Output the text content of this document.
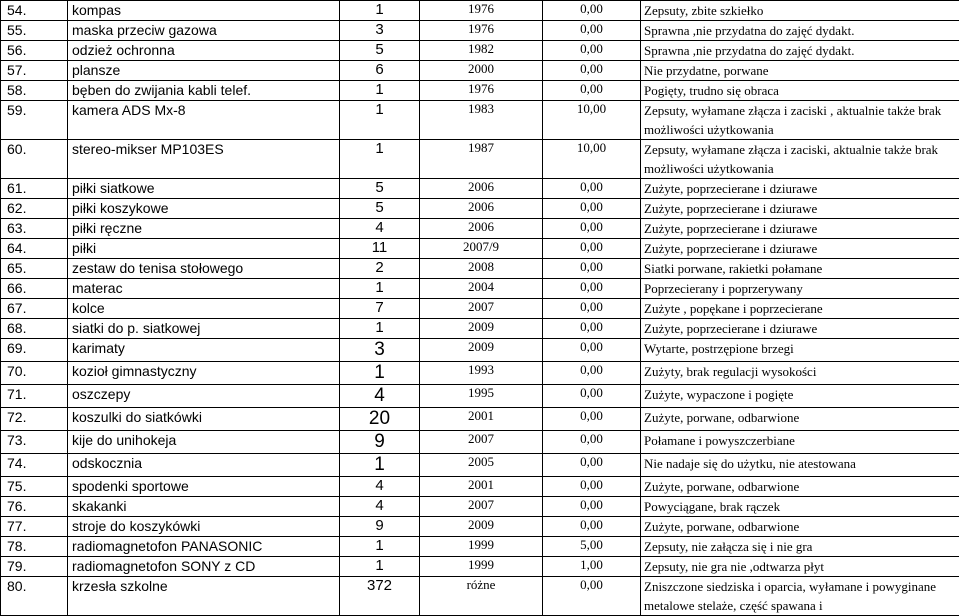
54.	kompas	1	1976	0,00	Zepsuty, zbite szkiełko
55.	maska przeciw gazowa	3	1976	0,00	Sprawna ,nie przydatna do zajęć dydakt.
56.	odzież ochronna	5	1982	0,00	Sprawna ,nie przydatna do zajęć dydakt.
57.	plansze	6	2000	0,00	Nie przydatne, porwane
58.	bęben do zwijania kabli telef.	1	1976	0,00	Pogięty, trudno się obraca
59.	kamera ADS Mx-8	1	1983	10,00	Zepsuty, wyłamane złącza i zaciski , aktualnie także brak możliwości użytkowania
60.	stereo-mikser MP103ES	1	1987	10,00	Zepsuty, wyłamane złącza i zaciski, aktualnie także brak możliwości użytkowania
61.	piłki siatkowe	5	2006	0,00	Zużyte, poprzecierane i dziurawe
62.	piłki koszykowe	5	2006	0,00	Zużyte, poprzecierane i dziurawe
63.	piłki ręczne	4	2006	0,00	Zużyte, poprzecierane i dziurawe
64.	piłki	11	2007/9	0,00	Zużyte, poprzecierane i dziurawe
65.	zestaw do tenisa stołowego	2	2008	0,00	Siatki porwane, rakietki połamane
66.	materac	1	2004	0,00	Poprzecierany i poprzerywany
67.	kolce	7	2007	0,00	Zużyte , popękane i poprzecierane
68.	siatki do p. siatkowej	1	2009	0,00	Zużyte, poprzecierane i dziurawe
69.	karimaty	3	2009	0,00	Wytarte, postrzępione brzegi
70.	kozioł gimnastyczny	1	1993	0,00	Zużyty, brak regulacji wysokości
71.	oszczepy	4	1995	0,00	Zużyte, wypaczone i pogięte
72.	koszulki do siatkówki	20	2001	0,00	Zużyte, porwane, odbarwione
73.	kije do unihokeja	9	2007	0,00	Połamane i powyszczerbiane
74.	odskocznia	1	2005	0,00	Nie nadaje się do użytku, nie atestowana
75.	spodenki sportowe	4	2001	0,00	Zużyte, porwane, odbarwione
76.	skakanki	4	2007	0,00	Powyciągane, brak rączek
77.	stroje do koszykówki	9	2009	0,00	Zużyte, porwane, odbarwione
78.	radiomagnetofon PANASONIC	1	1999	5,00	Zepsuty, nie załącza się i nie gra
79.	radiomagnetofon SONY z CD	1	1999	1,00	Zepsuty, nie gra nie ,odtwarza płyt
80.	krzesła szkolne	372	różne	0,00	Zniszczone siedziska i oparcia, wyłamane i powyginane metalowe stelaże, część spawana i
